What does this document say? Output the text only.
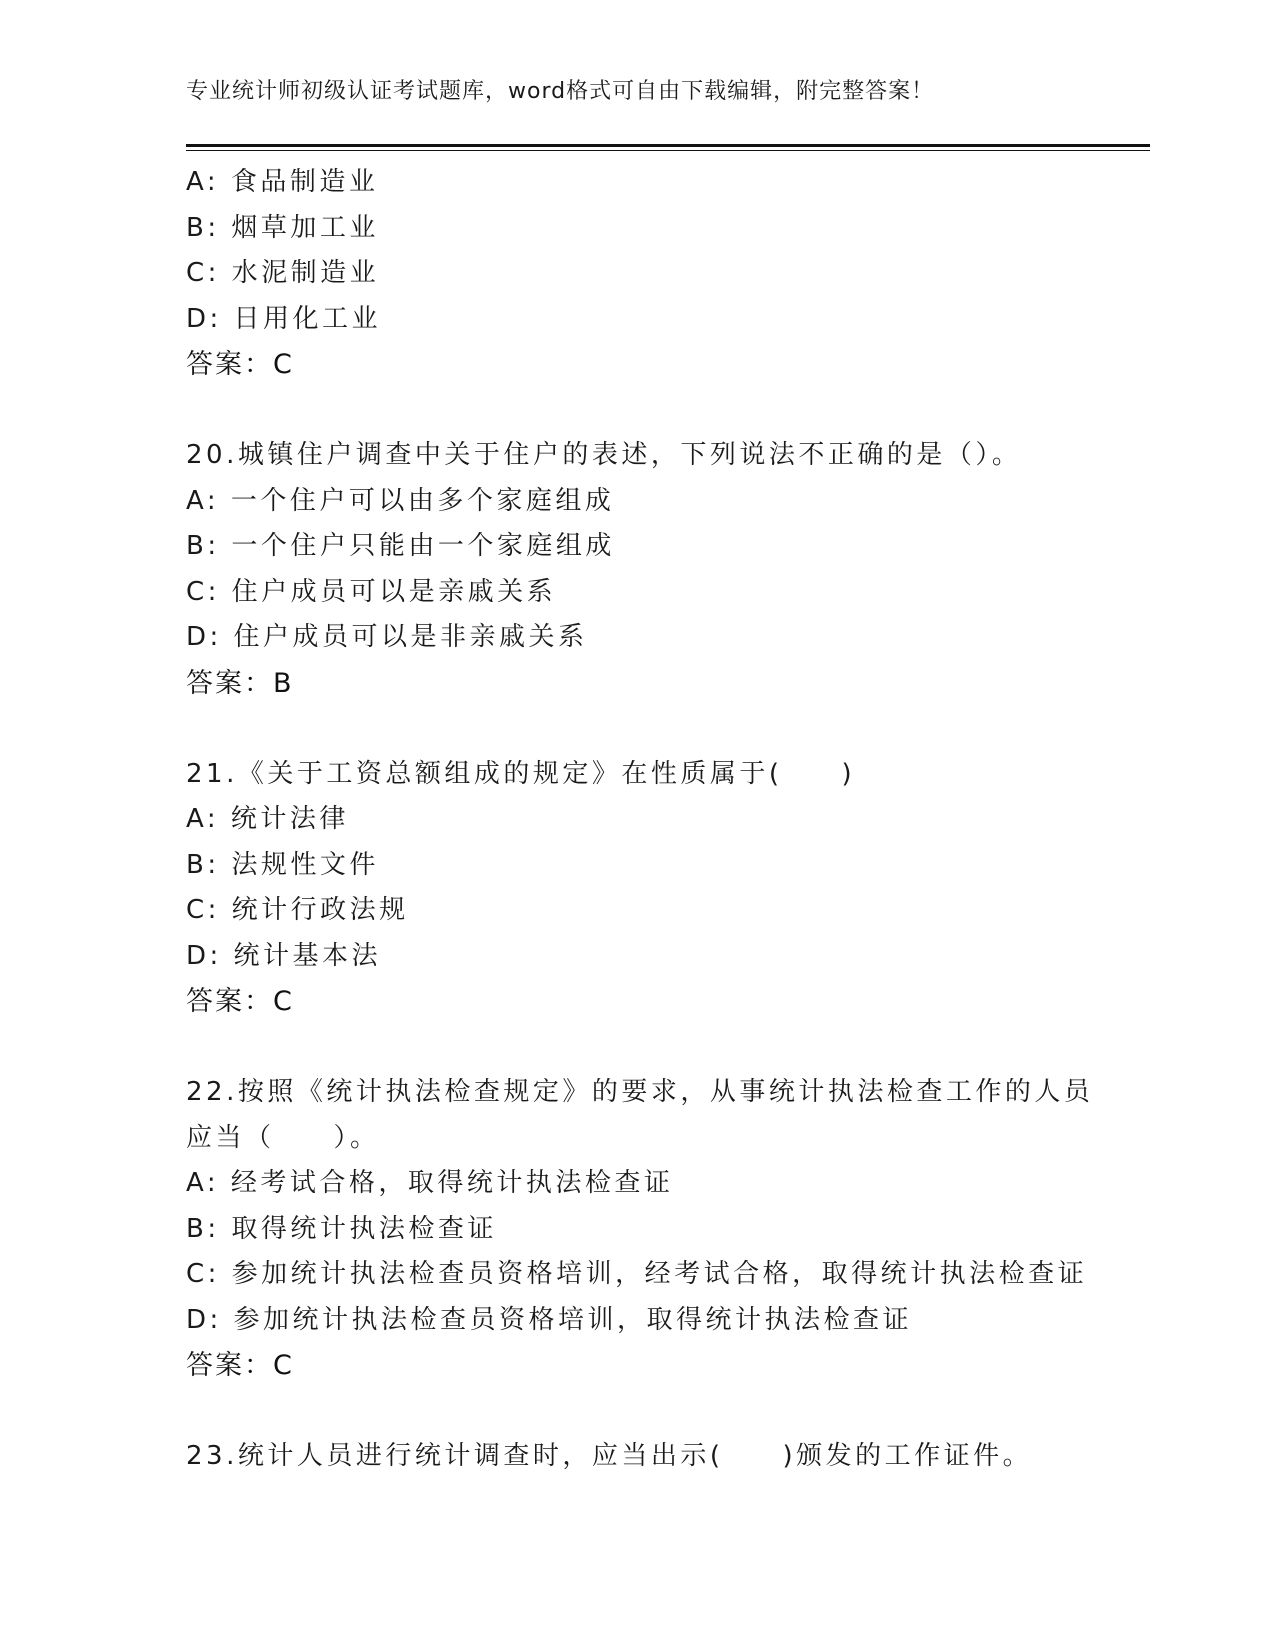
专业统计师初级认证考试题库，word格式可自由下载编辑，附完整答案！
A: 食品制造业
B: 烟草加工业
C: 水泥制造业
D: 日用化工业
答案：C
20.城镇住户调查中关于住户的表述，下列说法不正确的是（）。
A: 一个住户可以由多个家庭组成
B: 一个住户只能由一个家庭组成
C: 住户成员可以是亲戚关系
D: 住户成员可以是非亲戚关系
答案：B
21.《关于工资总额组成的规定》在性质属于(　　)
A: 统计法律
B: 法规性文件
C: 统计行政法规
D: 统计基本法
答案：C
22.按照《统计执法检查规定》的要求，从事统计执法检查工作的人员
应当（　　）。
A: 经考试合格，取得统计执法检查证
B: 取得统计执法检查证
C: 参加统计执法检查员资格培训，经考试合格，取得统计执法检查证
D: 参加统计执法检查员资格培训，取得统计执法检查证
答案：C
23.统计人员进行统计调查时，应当出示(　　)颁发的工作证件。
